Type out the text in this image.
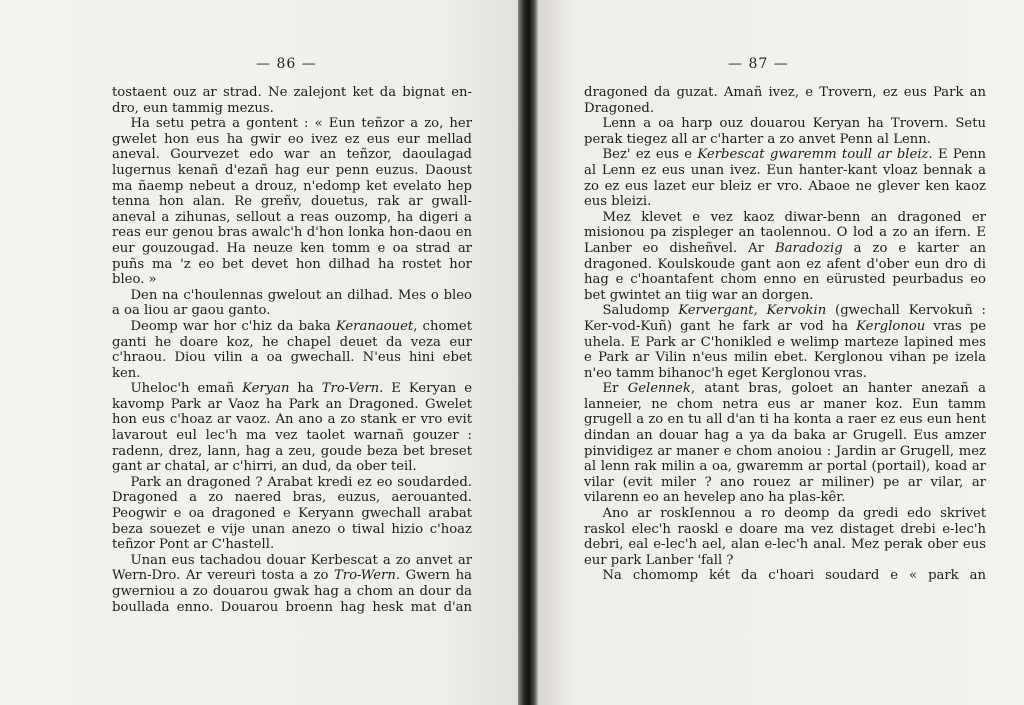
— 86 —

tostaent ouz ar strad. Ne zalejont ket da bignat en-dro, eun tammig mezus.

Ha setu petra a gontent : « Eun teñzor a zo, her gwelet hon eus ha gwir eo ivez ez eus eur mellad aneval. Gourvezet edo war an teñzor, daoulagad lugernus kenañ d'ezañ hag eur penn euzus. Daoust ma ñaemp nebeut a drouz, n'edomp ket evelato hep tenna hon alan. Re greñv, douetus, rak ar gwall-aneval a zihunas, sellout a reas ouzomp, ha digeri a reas eur genou bras awalc'h d'hon lonka hon-daou en eur gouzougad. Ha neuze ken tomm e oa strad ar puñs ma 'z eo bet devet hon dilhad ha rostet hor bleo. »

Den na c'houlennas gwelout an dilhad. Mes o bleo a oa liou ar gaou ganto.

Deomp war hor c'hiz da baka Keranaouet, chomet ganti he doare koz, he chapel deuet da veza eur c'hraou. Diou vilin a oa gwechall. N'eus hini ebet ken.

Uheloc'h emañ Keryan ha Tro-Vern. E Keryan e kavomp Park ar Vaoz ha Park an Dragoned. Gwelet hon eus c'hoaz ar vaoz. An ano a zo stank er vro evit lavarout eul lec'h ma vez taolet warnañ gouzer : radenn, drez, lann, hag a zeu, goude beza bet breset gant ar chatal, ar c'hirri, an dud, da ober teil.

Park an dragoned ? Arabat kredi ez eo soudarded. Dragoned a zo naered bras, euzus, aerouanted. Peogwir e oa dragoned e Keryann gwechall arabat beza souezet e vije unan anezo o tiwal hizio c'hoaz teñzor Pont ar C'hastell.

Unan eus tachadou douar Kerbescat a zo anvet ar Wern-Dro. Ar vereuri tosta a zo Tro-Wern. Gwern ha gwerniou a zo douarou gwak hag a chom an dour da boullada enno. Douarou broenn hag hesk mat d'an

— 87 —

dragoned da guzat. Amañ ivez, e Trovern, ez eus Park an Dragoned.

Lenn a oa harp ouz douarou Keryan ha Trovern. Setu perak tiegez all ar c'harter a zo anvet Penn al Lenn.

Bez' ez eus e Kerbescat gwaremm toull ar bleiz. E Penn al Lenn ez eus unan ivez. Eun hanter-kant vloaz bennak a zo ez eus lazet eur bleiz er vro. Abaoe ne glever ken kaoz eus bleizi.

Mez klevet e vez kaoz diwar-benn an dragoned er misionou pa zispleger an taolennou. O lod a zo an ifern. E Lanber eo disheñvel. Ar Baradozig a zo e karter an dragoned. Koulskoude gant aon ez afent d'ober eun dro di hag e c'hoantafent chom enno en eürusted peurbadus eo bet gwintet an tiig war an dorgen.

Saludomp Kervergant, Kervokin (gwechall Kervokuñ : Ker-vod-Kuñ) gant he fark ar vod ha Kerglonou vras pe uhela. E Park ar C'honikled e welimp marteze lapined mes e Park ar Vilin n'eus milin ebet. Kerglonou vihan pe izela n'eo tamm bihanoc'h eget Kerglonou vras.

Er Gelennek, atant bras, goloet an hanter anezañ a lanneier, ne chom netra eus ar maner koz. Eun tamm grugell a zo en tu all d'an ti ha konta a raer ez eus eun hent dindan an douar hag a ya da baka ar Grugell. Eus amzer pinvidigez ar maner e chom anoiou : Jardin ar Grugell, mez al lenn rak milin a oa, gwaremm ar portal (portail), koad ar vilar (evit miler ? ano rouez ar miliner) pe ar vilar, ar vilarenn eo an hevelep ano ha plas-kêr.

Ano ar roskIennou a ro deomp da gredi edo skrivet raskol elec'h raoskl e doare ma vez distaget drebi e-lec'h debri, eal e-lec'h ael, alan e-lec'h anal. Mez perak ober eus eur park Lanber 'fall ?

Na chomomp két da c'hoari soudard e « park an
